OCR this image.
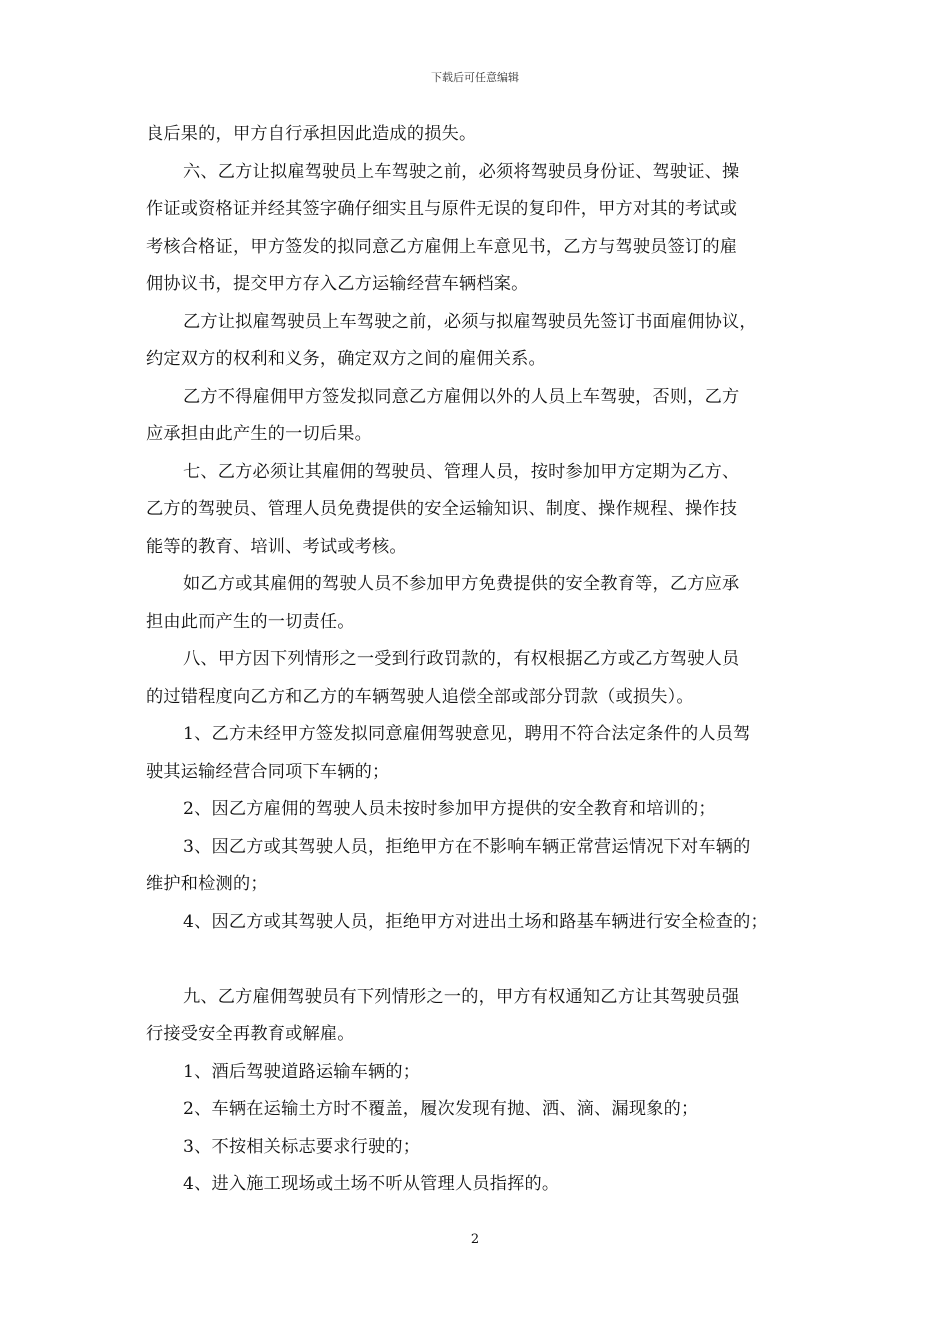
下载后可任意编辑
良后果的，甲方自行承担因此造成的损失。
六、乙方让拟雇驾驶员上车驾驶之前，必须将驾驶员身份证、驾驶证、操
作证或资格证并经其签字确仔细实且与原件无误的复印件，甲方对其的考试或
考核合格证，甲方签发的拟同意乙方雇佣上车意见书，乙方与驾驶员签订的雇
佣协议书，提交甲方存入乙方运输经营车辆档案。
乙方让拟雇驾驶员上车驾驶之前，必须与拟雇驾驶员先签订书面雇佣协议，
约定双方的权利和义务，确定双方之间的雇佣关系。
乙方不得雇佣甲方签发拟同意乙方雇佣以外的人员上车驾驶，否则，乙方
应承担由此产生的一切后果。
七、乙方必须让其雇佣的驾驶员、管理人员，按时参加甲方定期为乙方、
乙方的驾驶员、管理人员免费提供的安全运输知识、制度、操作规程、操作技
能等的教育、培训、考试或考核。
如乙方或其雇佣的驾驶人员不参加甲方免费提供的安全教育等，乙方应承
担由此而产生的一切责任。
八、甲方因下列情形之一受到行政罚款的，有权根据乙方或乙方驾驶人员
的过错程度向乙方和乙方的车辆驾驶人追偿全部或部分罚款（或损失）。
1、乙方未经甲方签发拟同意雇佣驾驶意见，聘用不符合法定条件的人员驾
驶其运输经营合同项下车辆的；
2、因乙方雇佣的驾驶人员未按时参加甲方提供的安全教育和培训的；
3、因乙方或其驾驶人员，拒绝甲方在不影响车辆正常营运情况下对车辆的
维护和检测的；
4、因乙方或其驾驶人员，拒绝甲方对进出土场和路基车辆进行安全检查的；
九、乙方雇佣驾驶员有下列情形之一的，甲方有权通知乙方让其驾驶员强
行接受安全再教育或解雇。
1、酒后驾驶道路运输车辆的；
2、车辆在运输土方时不覆盖，履次发现有抛、洒、滴、漏现象的；
3、不按相关标志要求行驶的；
4、进入施工现场或土场不听从管理人员指挥的。
2
